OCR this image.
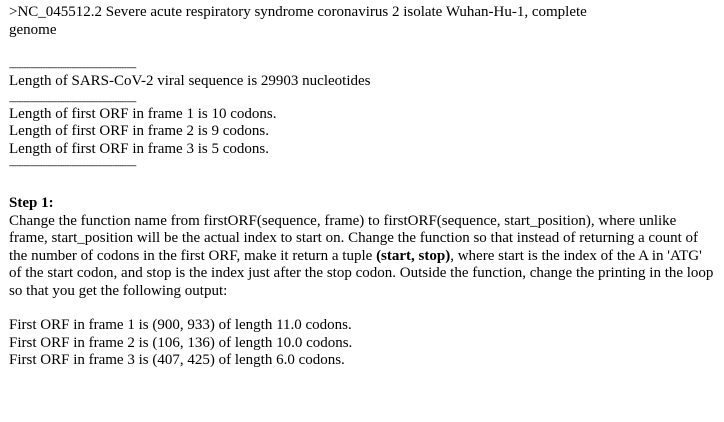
>NC_045512.2 Severe acute respiratory syndrome coronavirus 2 isolate Wuhan-Hu-1, complete
genome
-----------------------------------------------------
Length of SARS-CoV-2 viral sequence is 29903 nucleotides
-----------------------------------------------------
Length of first ORF in frame 1 is 10 codons.
Length of first ORF in frame 2 is 9 codons.
Length of first ORF in frame 3 is 5 codons.
-----------------------------------------------------
Step 1:
Change the function name from firstORF(sequence, frame) to firstORF(sequence, start_position), where unlike frame, start_position will be the actual index to start on. Change the function so that instead of returning a count of the number of codons in the first ORF, make it return a tuple (start, stop), where start is the index of the A in 'ATG' of the start codon, and stop is the index just after the stop codon. Outside the function, change the printing in the loop so that you get the following output:
First ORF in frame 1 is (900, 933) of length 11.0 codons.
First ORF in frame 2 is (106, 136) of length 10.0 codons.
First ORF in frame 3 is (407, 425) of length 6.0 codons.
